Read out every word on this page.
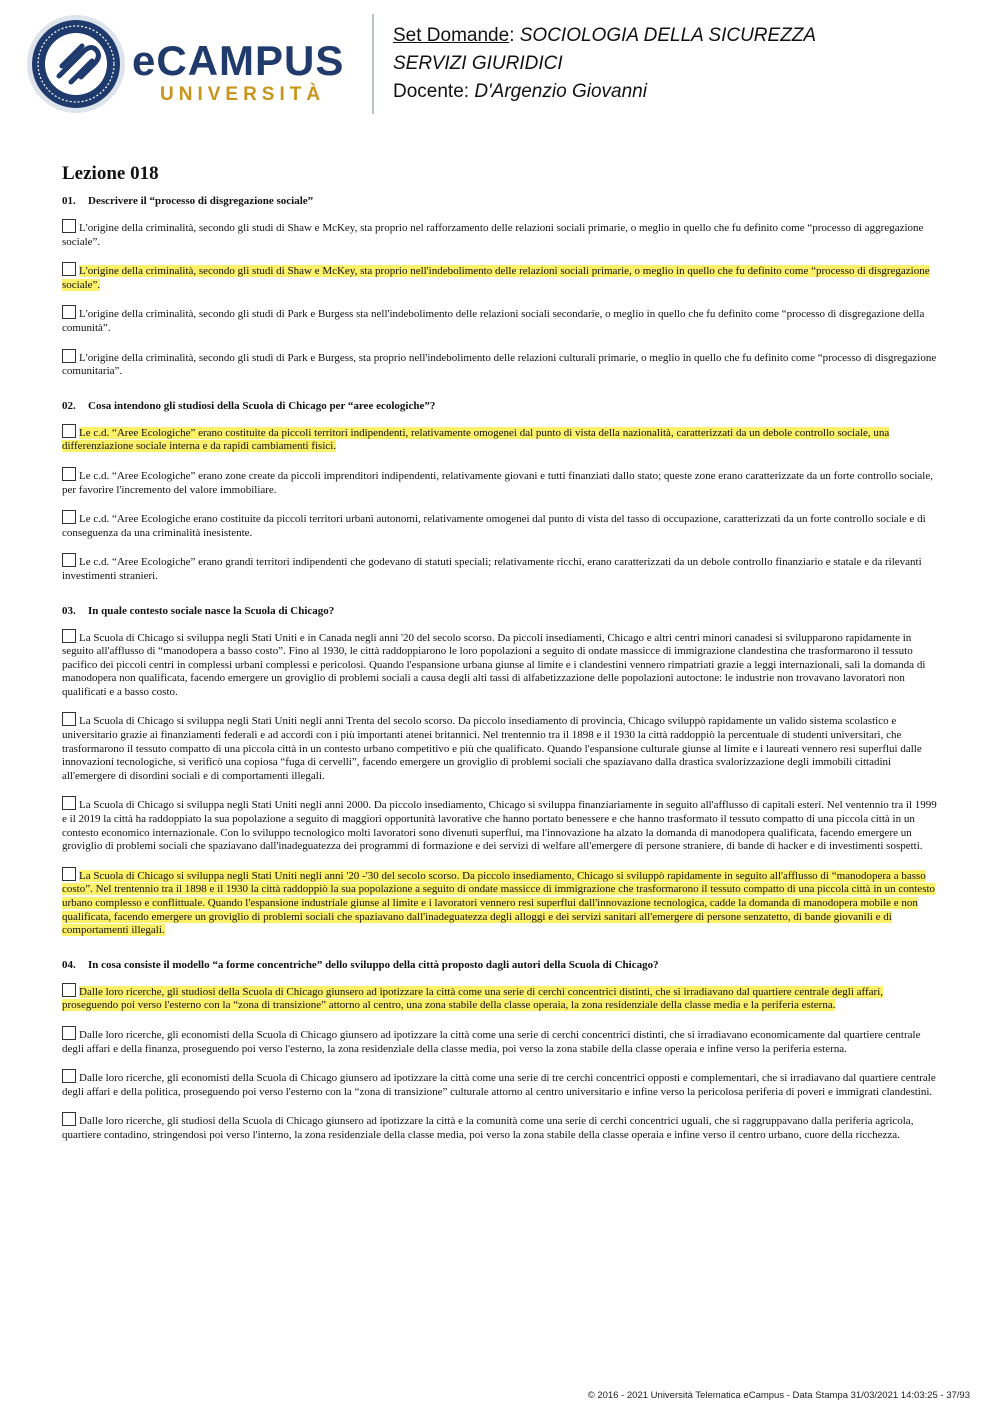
eCAMPUS
UNIVERSITÀ
Set Domande: SOCIOLOGIA DELLA SICUREZZA
SERVIZI GIURIDICI
Docente: D'Argenzio Giovanni
Lezione 018
01. Descrivere il “processo di disgregazione sociale”
L'origine della criminalità, secondo gli studi di Shaw e McKey, sta proprio nel rafforzamento delle relazioni sociali primarie, o meglio in quello che fu definito come “processo di aggregazione sociale”.
L'origine della criminalità, secondo gli studi di Shaw e McKey, sta proprio nell'indebolimento delle relazioni sociali primarie, o meglio in quello che fu definito come “processo di disgregazione sociale”.
L'origine della criminalità, secondo gli studi di Park e Burgess sta nell'indebolimento delle relazioni sociali secondarie, o meglio in quello che fu definito come “processo di disgregazione della comunità”.
L'origine della criminalità, secondo gli studi di Park e Burgess, sta proprio nell'indebolimento delle relazioni culturali primarie, o meglio in quello che fu definito come “processo di disgregazione comunitaria”.
02. Cosa intendono gli studiosi della Scuola di Chicago per “aree ecologiche”?
Le c.d. “Aree Ecologiche” erano costituite da piccoli territori indipendenti, relativamente omogenei dal punto di vista della nazionalità, caratterizzati da un debole controllo sociale, una differenziazione sociale interna e da rapidi cambiamenti fisici.
Le c.d. “Aree Ecologiche” erano zone create da piccoli imprenditori indipendenti, relativamente giovani e tutti finanziati dallo stato; queste zone erano caratterizzate da un forte controllo sociale, per favorire l'incremento del valore immobiliare.
Le c.d. “Aree Ecologiche erano costituite da piccoli territori urbani autonomi, relativamente omogenei dal punto di vista del tasso di occupazione, caratterizzati da un forte controllo sociale e di conseguenza da una criminalità inesistente.
Le c.d. “Aree Ecologiche” erano grandi territori indipendenti che godevano di statuti speciali; relativamente ricchi, erano caratterizzati da un debole controllo finanziario e statale e da rilevanti investimenti stranieri.
03. In quale contesto sociale nasce la Scuola di Chicago?
La Scuola di Chicago si sviluppa negli Stati Uniti e in Canada negli anni '20 del secolo scorso. Da piccoli insediamenti, Chicago e altri centri minori canadesi si svilupparono rapidamente in seguito all'afflusso di “manodopera a basso costo”. Fino al 1930, le città raddoppiarono le loro popolazioni a seguito di ondate massicce di immigrazione clandestina che trasformarono il tessuto pacifico dei piccoli centri in complessi urbani complessi e pericolosi. Quando l'espansione urbana giunse al limite e i clandestini vennero rimpatriati grazie a leggi internazionali, salì la domanda di manodopera non qualificata, facendo emergere un groviglio di problemi sociali a causa degli alti tassi di alfabetizzazione delle popolazioni autoctone: le industrie non trovavano lavoratori non qualificati e a basso costo.
La Scuola di Chicago si sviluppa negli Stati Uniti negli anni Trenta del secolo scorso. Da piccolo insediamento di provincia, Chicago sviluppò rapidamente un valido sistema scolastico e universitario grazie ai finanziamenti federali e ad accordi con i più importanti atenei britannici. Nel trentennio tra il 1898 e il 1930 la città raddoppiò la percentuale di studenti universitari, che trasformarono il tessuto compatto di una piccola città in un contesto urbano competitivo e più che qualificato. Quando l'espansione culturale giunse al limite e i laureati vennero resi superflui dalle innovazioni tecnologiche, si verificò una copiosa “fuga di cervelli”, facendo emergere un groviglio di problemi sociali che spaziavano dalla drastica svalorizzazione degli immobili cittadini all'emergere di disordini sociali e di comportamenti illegali.
La Scuola di Chicago si sviluppa negli Stati Uniti negli anni 2000. Da piccolo insediamento, Chicago si sviluppa finanziariamente in seguito all'afflusso di capitali esteri. Nel ventennio tra il 1999 e il 2019 la città ha raddoppiato la sua popolazione a seguito di maggiori opportunità lavorative che hanno portato benessere e che hanno trasformato il tessuto compatto di una piccola città in un contesto economico internazionale. Con lo sviluppo tecnologico molti lavoratori sono divenuti superflui, ma l'innovazione ha alzato la domanda di manodopera qualificata, facendo emergere un groviglio di problemi sociali che spaziavano dall'inadeguatezza dei programmi di formazione e dei servizi di welfare all'emergere di persone straniere, di bande di hacker e di investimenti sospetti.
La Scuola di Chicago si sviluppa negli Stati Uniti negli anni '20 -'30 del secolo scorso. Da piccolo insediamento, Chicago si sviluppò rapidamente in seguito all'afflusso di “manodopera a basso costo”. Nel trentennio tra il 1898 e il 1930 la città raddoppiò la sua popolazione a seguito di ondate massicce di immigrazione che trasformarono il tessuto compatto di una piccola città in un contesto urbano complesso e conflittuale. Quando l'espansione industriale giunse al limite e i lavoratori vennero resi superflui dall'innovazione tecnologica, cadde la domanda di manodopera mobile e non qualificata, facendo emergere un groviglio di problemi sociali che spaziavano dall'inadeguatezza degli alloggi e dei servizi sanitari all'emergere di persone senzatetto, di bande giovanili e di comportamenti illegali.
04. In cosa consiste il modello “a forme concentriche” dello sviluppo della città proposto dagli autori della Scuola di Chicago?
Dalle loro ricerche, gli studiosi della Scuola di Chicago giunsero ad ipotizzare la città come una serie di cerchi concentrici distinti, che si irradiavano dal quartiere centrale degli affari, proseguendo poi verso l'esterno con la “zona di transizione” attorno al centro, una zona stabile della classe operaia, la zona residenziale della classe media e la periferia esterna.
Dalle loro ricerche, gli economisti della Scuola di Chicago giunsero ad ipotizzare la città come una serie di cerchi concentrici distinti, che si irradiavano economicamente dal quartiere centrale degli affari e della finanza, proseguendo poi verso l'esterno, la zona residenziale della classe media, poi verso la zona stabile della classe operaia e infine verso la periferia esterna.
Dalle loro ricerche, gli economisti della Scuola di Chicago giunsero ad ipotizzare la città come una serie di tre cerchi concentrici opposti e complementari, che si irradiavano dal quartiere centrale degli affari e della politica, proseguendo poi verso l'esterno con la “zona di transizione” culturale attorno al centro universitario e infine verso la pericolosa periferia di poveri e immigrati clandestini.
Dalle loro ricerche, gli studiosi della Scuola di Chicago giunsero ad ipotizzare la città e la comunità come una serie di cerchi concentrici uguali, che si raggruppavano dalla periferia agricola, quartiere contadino, stringendosi poi verso l'interno, la zona residenziale della classe media, poi verso la zona stabile della classe operaia e infine verso il centro urbano, cuore della ricchezza.
© 2016 - 2021 Università Telematica eCampus - Data Stampa 31/03/2021 14:03:25 - 37/93
